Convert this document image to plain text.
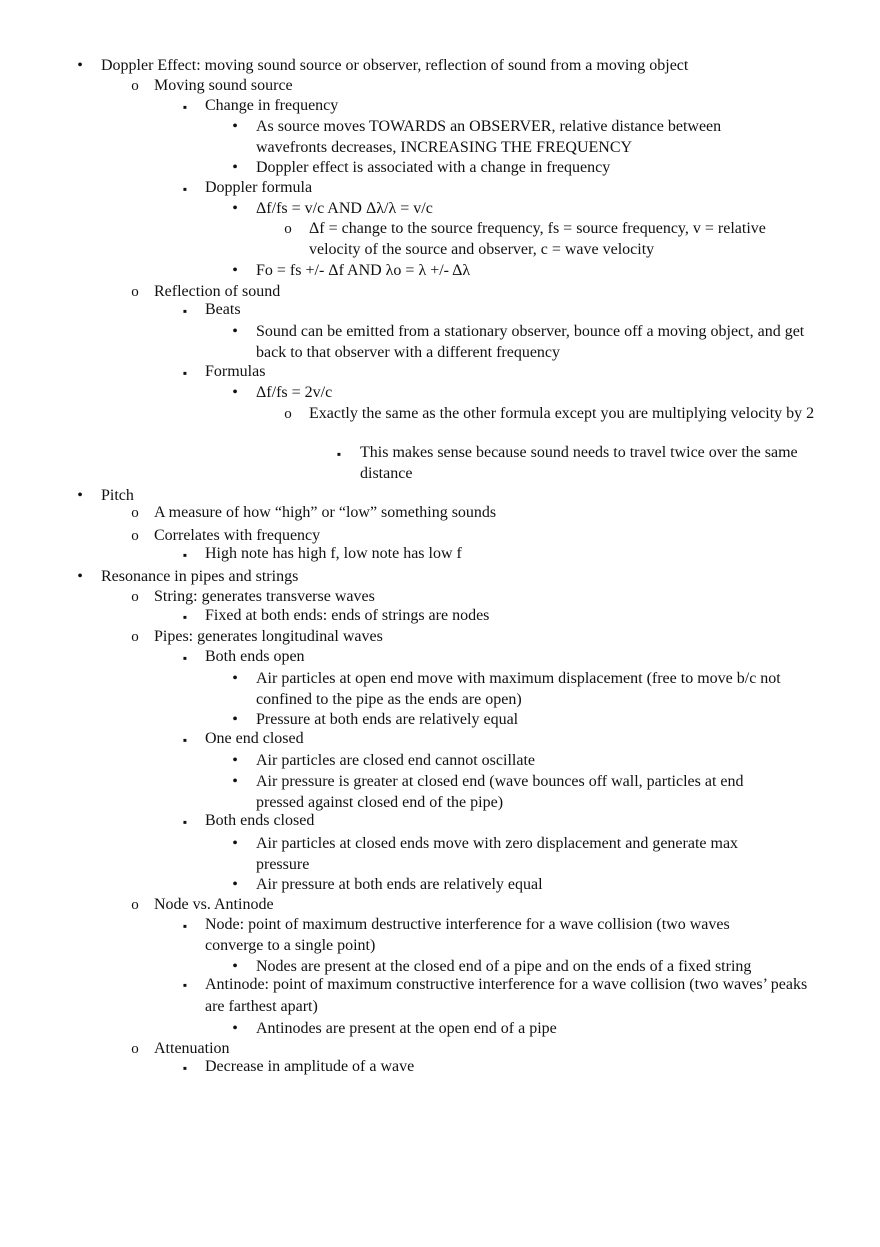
• Doppler Effect: moving sound source or observer, reflection of sound from a moving object
o Moving sound source
▪	Change in frequency
• As source moves TOWARDS an OBSERVER, relative distance between wavefronts decreases, INCREASING THE FREQUENCY
• Doppler effect is associated with a change in frequency
▪	Doppler formula
• Δf/fs = v/c AND Δλ/λ = v/c
o Δf = change to the source frequency, fs = source frequency, v = relative velocity of the source and observer, c = wave velocity
• Fo = fs +/- Δf AND λo = λ +/- Δλ
o Reflection of sound
▪	Beats
• Sound can be emitted from a stationary observer, bounce off a moving object, and get back to that observer with a different frequency
▪	Formulas
• Δf/fs = 2v/c
o Exactly the same as the other formula except you are multiplying velocity by 2
▪	This makes sense because sound needs to travel twice over the same distance
• Pitch
o A measure of how “high” or “low” something sounds
o Correlates with frequency
▪	High note has high f, low note has low f
• Resonance in pipes and strings
o String: generates transverse waves
▪	Fixed at both ends: ends of strings are nodes
o Pipes: generates longitudinal waves
▪	Both ends open
• Air particles at open end move with maximum displacement (free to move b/c not confined to the pipe as the ends are open)
• Pressure at both ends are relatively equal
▪	One end closed
• Air particles are closed end cannot oscillate
• Air pressure is greater at closed end (wave bounces off wall, particles at end pressed against closed end of the pipe)
▪	Both ends closed
• Air particles at closed ends move with zero displacement and generate max pressure
• Air pressure at both ends are relatively equal
o Node vs. Antinode
▪	Node: point of maximum destructive interference for a wave collision (two waves converge to a single point)
• Nodes are present at the closed end of a pipe and on the ends of a fixed string
▪	Antinode: point of maximum constructive interference for a wave collision (two waves’ peaks are farthest apart)
• Antinodes are present at the open end of a pipe
o Attenuation
▪	Decrease in amplitude of a wave
